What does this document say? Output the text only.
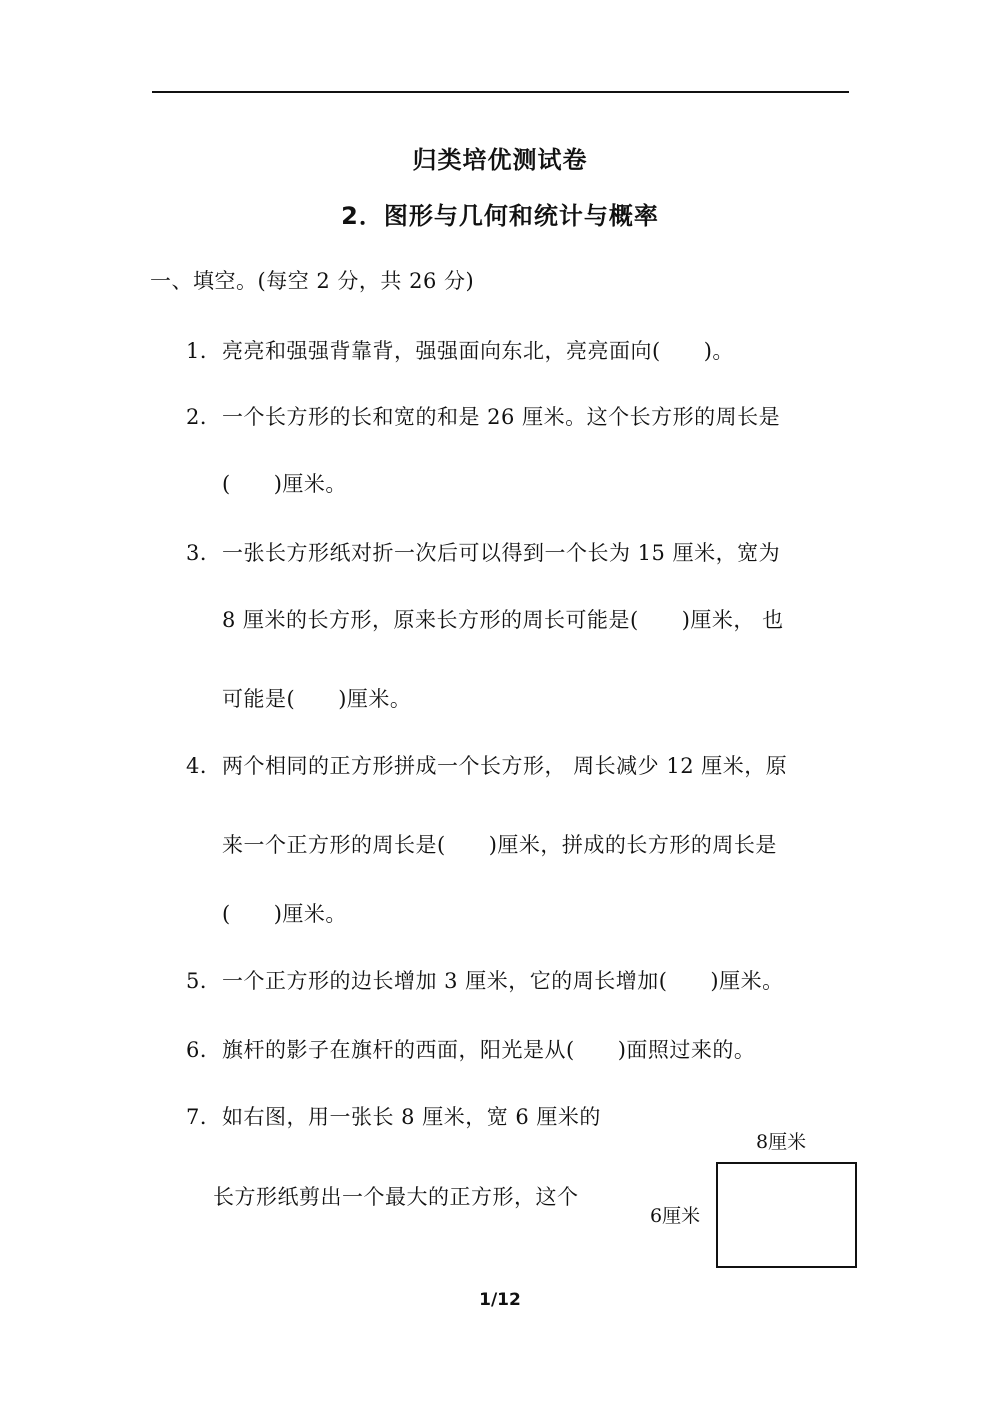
归类培优测试卷
2．图形与几何和统计与概率
一、填空。(每空 2 分，共 26 分)
1．亮亮和强强背靠背，强强面向东北，亮亮面向(　　)。
2．一个长方形的长和宽的和是 26 厘米。这个长方形的周长是
(　　)厘米。
3．一张长方形纸对折一次后可以得到一个长为 15 厘米，宽为
8 厘米的长方形，原来长方形的周长可能是(　　)厘米， 也
可能是(　　)厘米。
4．两个相同的正方形拼成一个长方形， 周长减少 12 厘米，原
来一个正方形的周长是(　　)厘米，拼成的长方形的周长是
(　　)厘米。
5．一个正方形的边长增加 3 厘米，它的周长增加(　　)厘米。
6．旗杆的影子在旗杆的西面，阳光是从(　　)面照过来的。
7．如右图，用一张长 8 厘米，宽 6 厘米的
长方形纸剪出一个最大的正方形，这个
8厘米
6厘米
1/12
